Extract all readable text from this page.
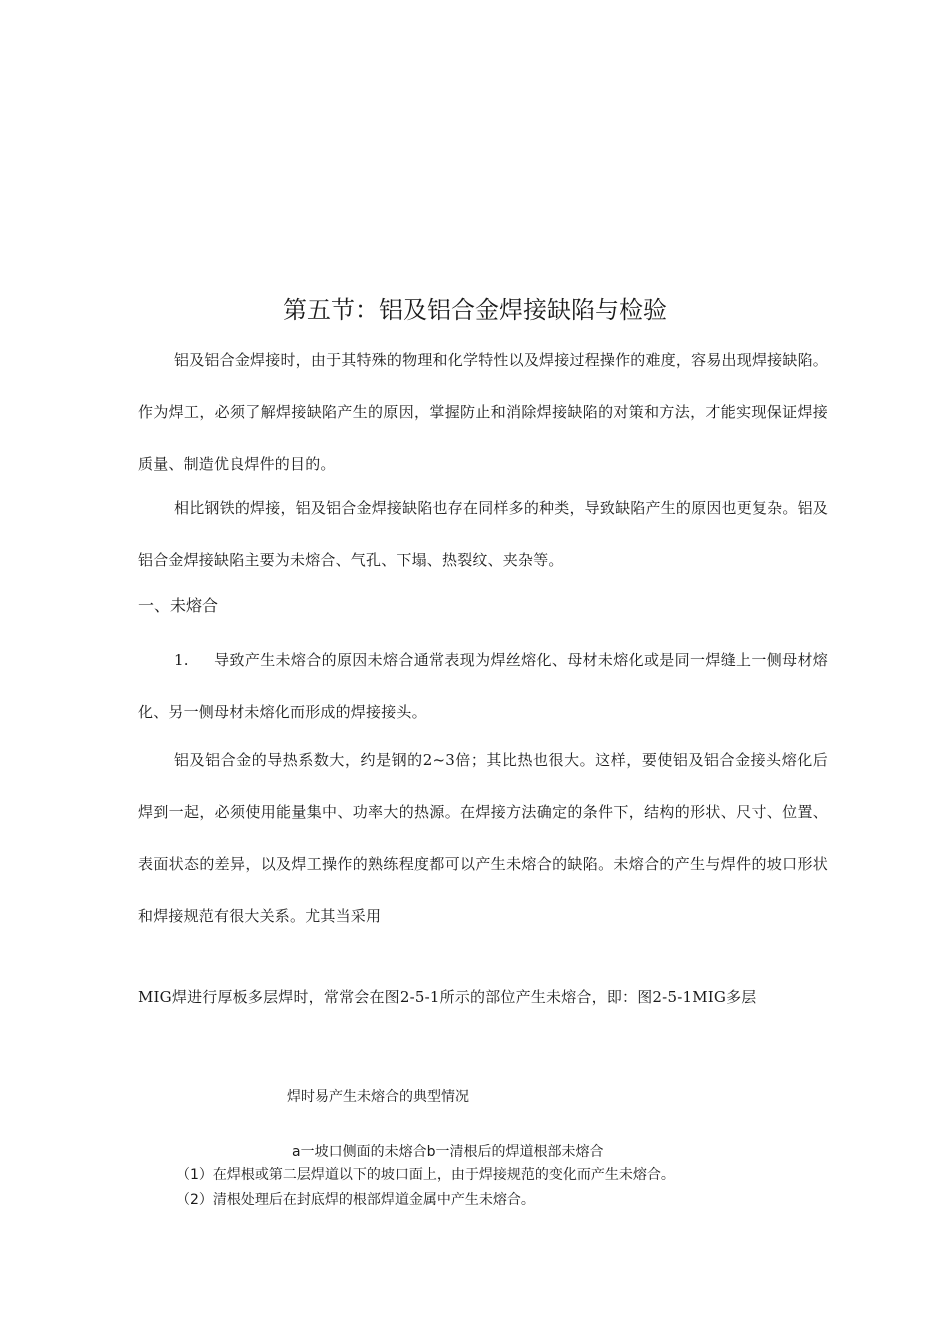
第五节：铝及铝合金焊接缺陷与检验

铝及铝合金焊接时，由于其特殊的物理和化学特性以及焊接过程操作的难度，容易出现焊接缺陷。作为焊工，必须了解焊接缺陷产生的原因，掌握防止和消除焊接缺陷的对策和方法，才能实现保证焊接质量、制造优良焊件的目的。

相比钢铁的焊接，铝及铝合金焊接缺陷也存在同样多的种类，导致缺陷产生的原因也更复杂。铝及铝合金焊接缺陷主要为未熔合、气孔、下塌、热裂纹、夹杂等。

一、未熔合

1. 导致产生未熔合的原因未熔合通常表现为焊丝熔化、母材未熔化或是同一焊缝上一侧母材熔化、另一侧母材未熔化而形成的焊接接头。

铝及铝合金的导热系数大，约是钢的2~3倍；其比热也很大。这样，要使铝及铝合金接头熔化后焊到一起，必须使用能量集中、功率大的热源。在焊接方法确定的条件下，结构的形状、尺寸、位置、表面状态的差异，以及焊工操作的熟练程度都可以产生未熔合的缺陷。未熔合的产生与焊件的坡口形状和焊接规范有很大关系。尤其当采用

MIG焊进行厚板多层焊时，常常会在图2-5-1所示的部位产生未熔合，即：图2-5-1MIG多层

焊时易产生未熔合的典型情况

a一坡口侧面的未熔合b一清根后的焊道根部未熔合

（1）在焊根或第二层焊道以下的坡口面上，由于焊接规范的变化而产生未熔合。

（2）清根处理后在封底焊的根部焊道金属中产生未熔合。
